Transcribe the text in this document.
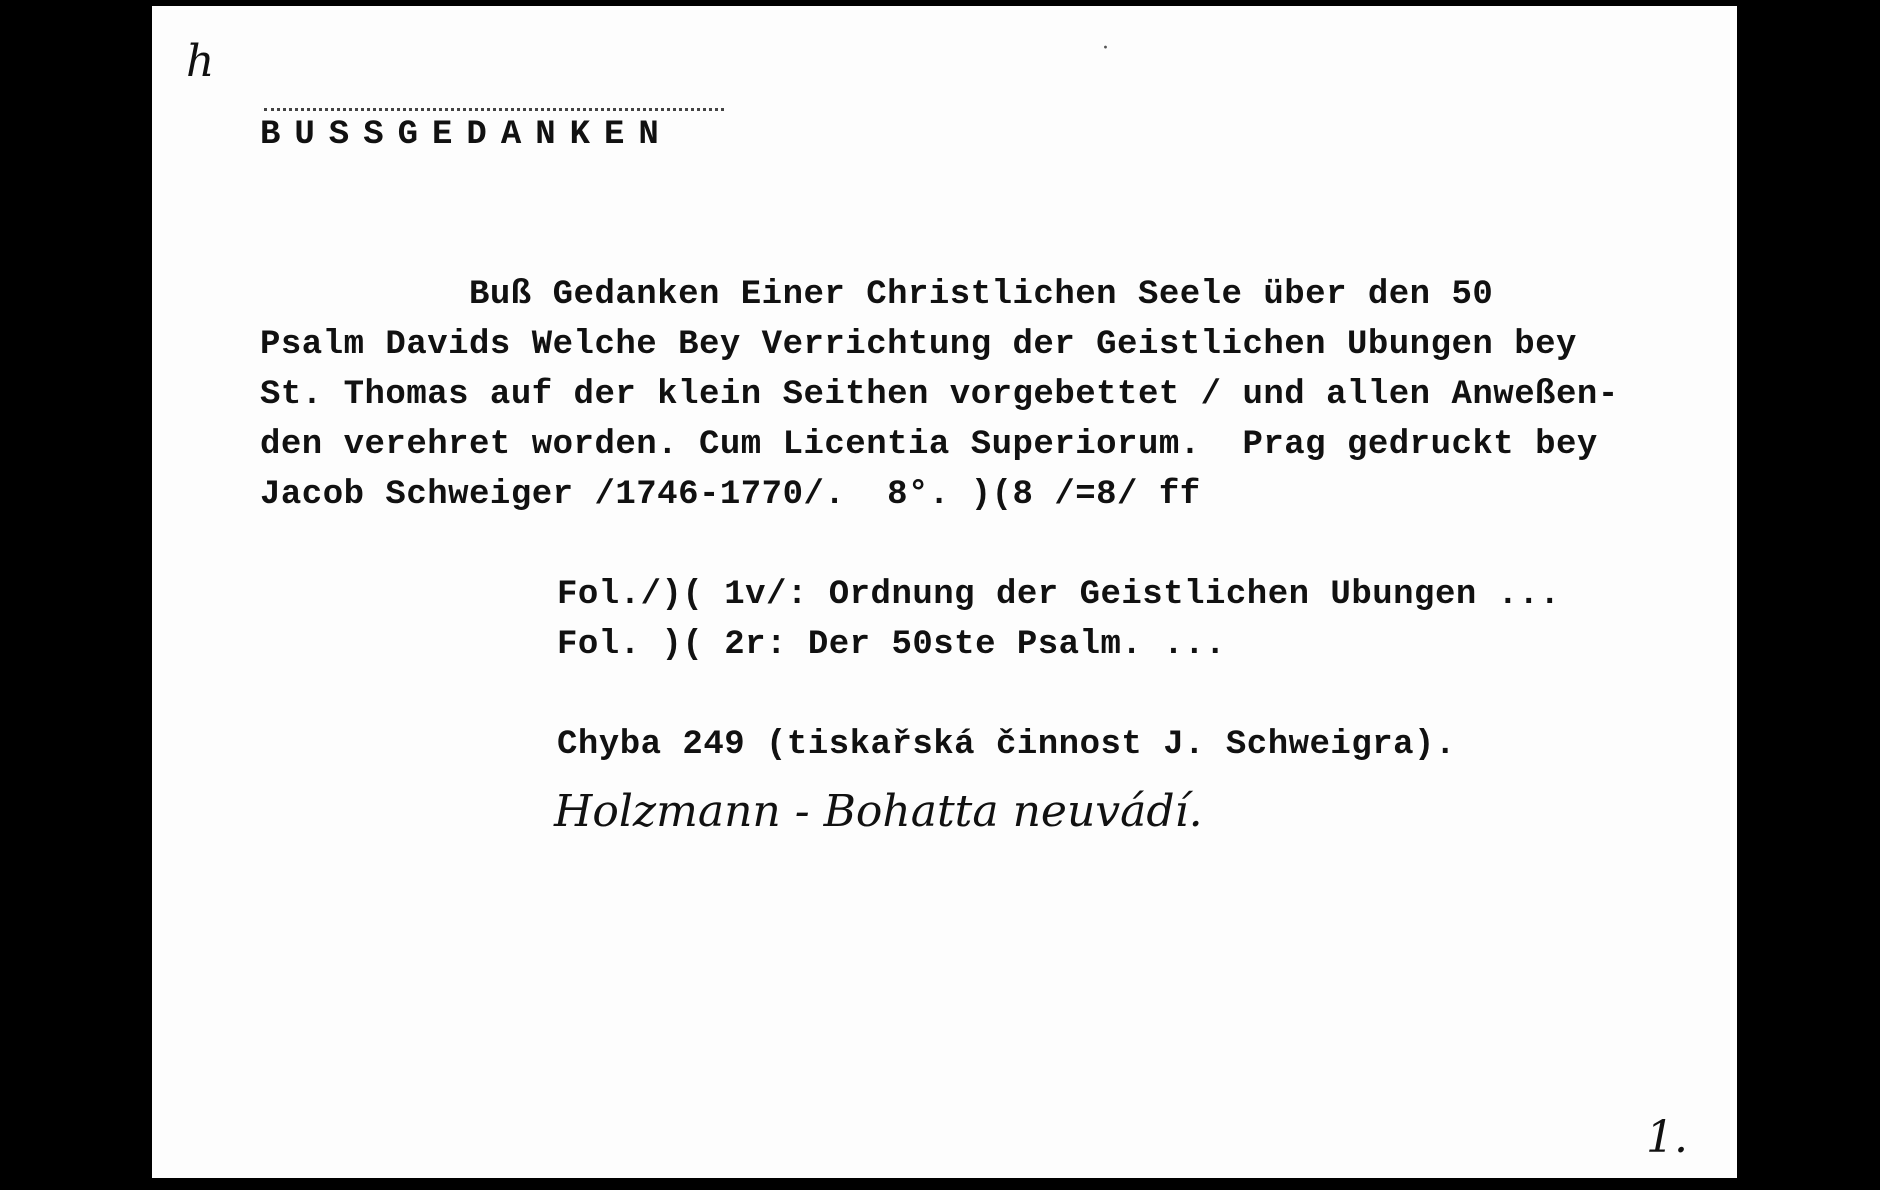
h	·
BUSSGEDANKEN
Buß Gedanken Einer Christlichen Seele über den 50
Psalm Davids Welche Bey Verrichtung der Geistlichen Ubungen bey
St. Thomas auf der klein Seithen vorgebettet / und allen Anweßen-
den verehret worden. Cum Licentia Superiorum.  Prag gedruckt bey
Jacob Schweiger /1746-1770/.  8°. )(8 /=8/ ff
Fol./)( 1v/: Ordnung der Geistlichen Ubungen ...
Fol. )( 2r: Der 50ste Psalm. ...
Chyba 249 (tiskařská činnost J. Schweigra).
Holzmann - Bohatta neuvádí.
1.
